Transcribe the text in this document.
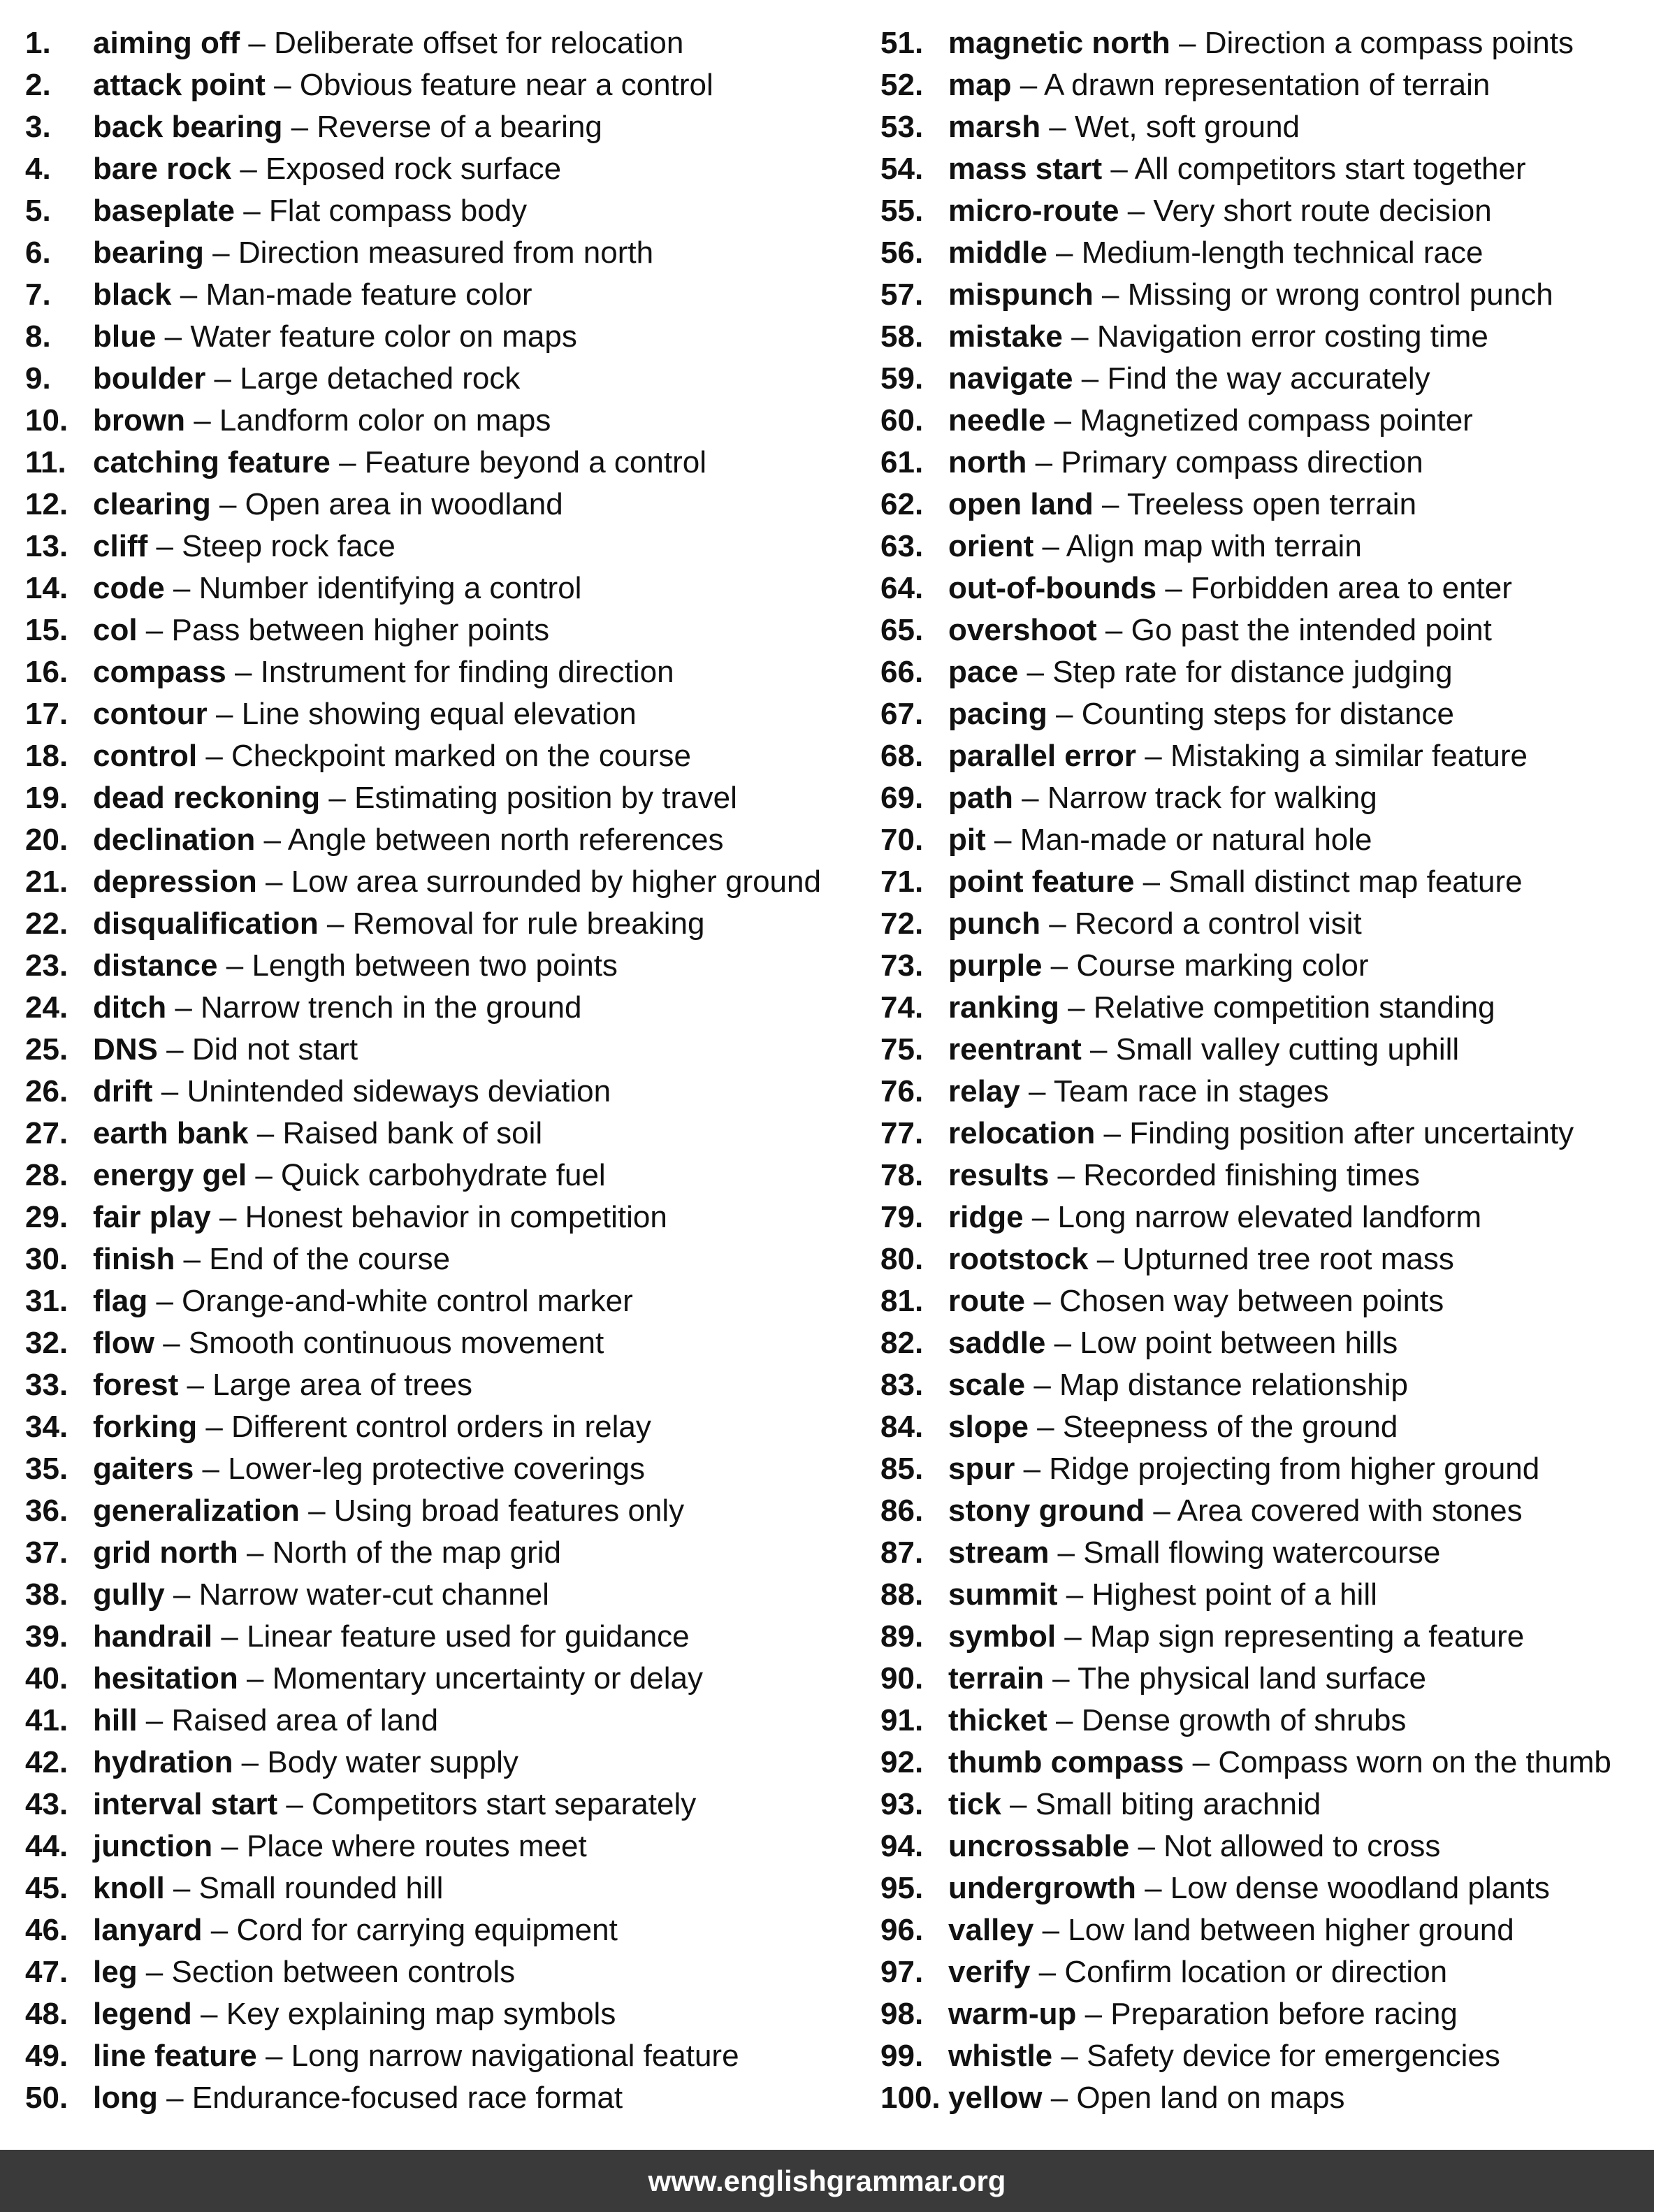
1. aiming off – Deliberate offset for relocation
2. attack point – Obvious feature near a control
3. back bearing – Reverse of a bearing
4. bare rock – Exposed rock surface
5. baseplate – Flat compass body
6. bearing – Direction measured from north
7. black – Man-made feature color
8. blue – Water feature color on maps
9. boulder – Large detached rock
10. brown – Landform color on maps
11. catching feature – Feature beyond a control
12. clearing – Open area in woodland
13. cliff – Steep rock face
14. code – Number identifying a control
15. col – Pass between higher points
16. compass – Instrument for finding direction
17. contour – Line showing equal elevation
18. control – Checkpoint marked on the course
19. dead reckoning – Estimating position by travel
20. declination – Angle between north references
21. depression – Low area surrounded by higher ground
22. disqualification – Removal for rule breaking
23. distance – Length between two points
24. ditch – Narrow trench in the ground
25. DNS – Did not start
26. drift – Unintended sideways deviation
27. earth bank – Raised bank of soil
28. energy gel – Quick carbohydrate fuel
29. fair play – Honest behavior in competition
30. finish – End of the course
31. flag – Orange-and-white control marker
32. flow – Smooth continuous movement
33. forest – Large area of trees
34. forking – Different control orders in relay
35. gaiters – Lower-leg protective coverings
36. generalization – Using broad features only
37. grid north – North of the map grid
38. gully – Narrow water-cut channel
39. handrail – Linear feature used for guidance
40. hesitation – Momentary uncertainty or delay
41. hill – Raised area of land
42. hydration – Body water supply
43. interval start – Competitors start separately
44. junction – Place where routes meet
45. knoll – Small rounded hill
46. lanyard – Cord for carrying equipment
47. leg – Section between controls
48. legend – Key explaining map symbols
49. line feature – Long narrow navigational feature
50. long – Endurance-focused race format
51. magnetic north – Direction a compass points
52. map – A drawn representation of terrain
53. marsh – Wet, soft ground
54. mass start – All competitors start together
55. micro-route – Very short route decision
56. middle – Medium-length technical race
57. mispunch – Missing or wrong control punch
58. mistake – Navigation error costing time
59. navigate – Find the way accurately
60. needle – Magnetized compass pointer
61. north – Primary compass direction
62. open land – Treeless open terrain
63. orient – Align map with terrain
64. out-of-bounds – Forbidden area to enter
65. overshoot – Go past the intended point
66. pace – Step rate for distance judging
67. pacing – Counting steps for distance
68. parallel error – Mistaking a similar feature
69. path – Narrow track for walking
70. pit – Man-made or natural hole
71. point feature – Small distinct map feature
72. punch – Record a control visit
73. purple – Course marking color
74. ranking – Relative competition standing
75. reentrant – Small valley cutting uphill
76. relay – Team race in stages
77. relocation – Finding position after uncertainty
78. results – Recorded finishing times
79. ridge – Long narrow elevated landform
80. rootstock – Upturned tree root mass
81. route – Chosen way between points
82. saddle – Low point between hills
83. scale – Map distance relationship
84. slope – Steepness of the ground
85. spur – Ridge projecting from higher ground
86. stony ground – Area covered with stones
87. stream – Small flowing watercourse
88. summit – Highest point of a hill
89. symbol – Map sign representing a feature
90. terrain – The physical land surface
91. thicket – Dense growth of shrubs
92. thumb compass – Compass worn on the thumb
93. tick – Small biting arachnid
94. uncrossable – Not allowed to cross
95. undergrowth – Low dense woodland plants
96. valley – Low land between higher ground
97. verify – Confirm location or direction
98. warm-up – Preparation before racing
99. whistle – Safety device for emergencies
100. yellow – Open land on maps
www.englishgrammar.org
